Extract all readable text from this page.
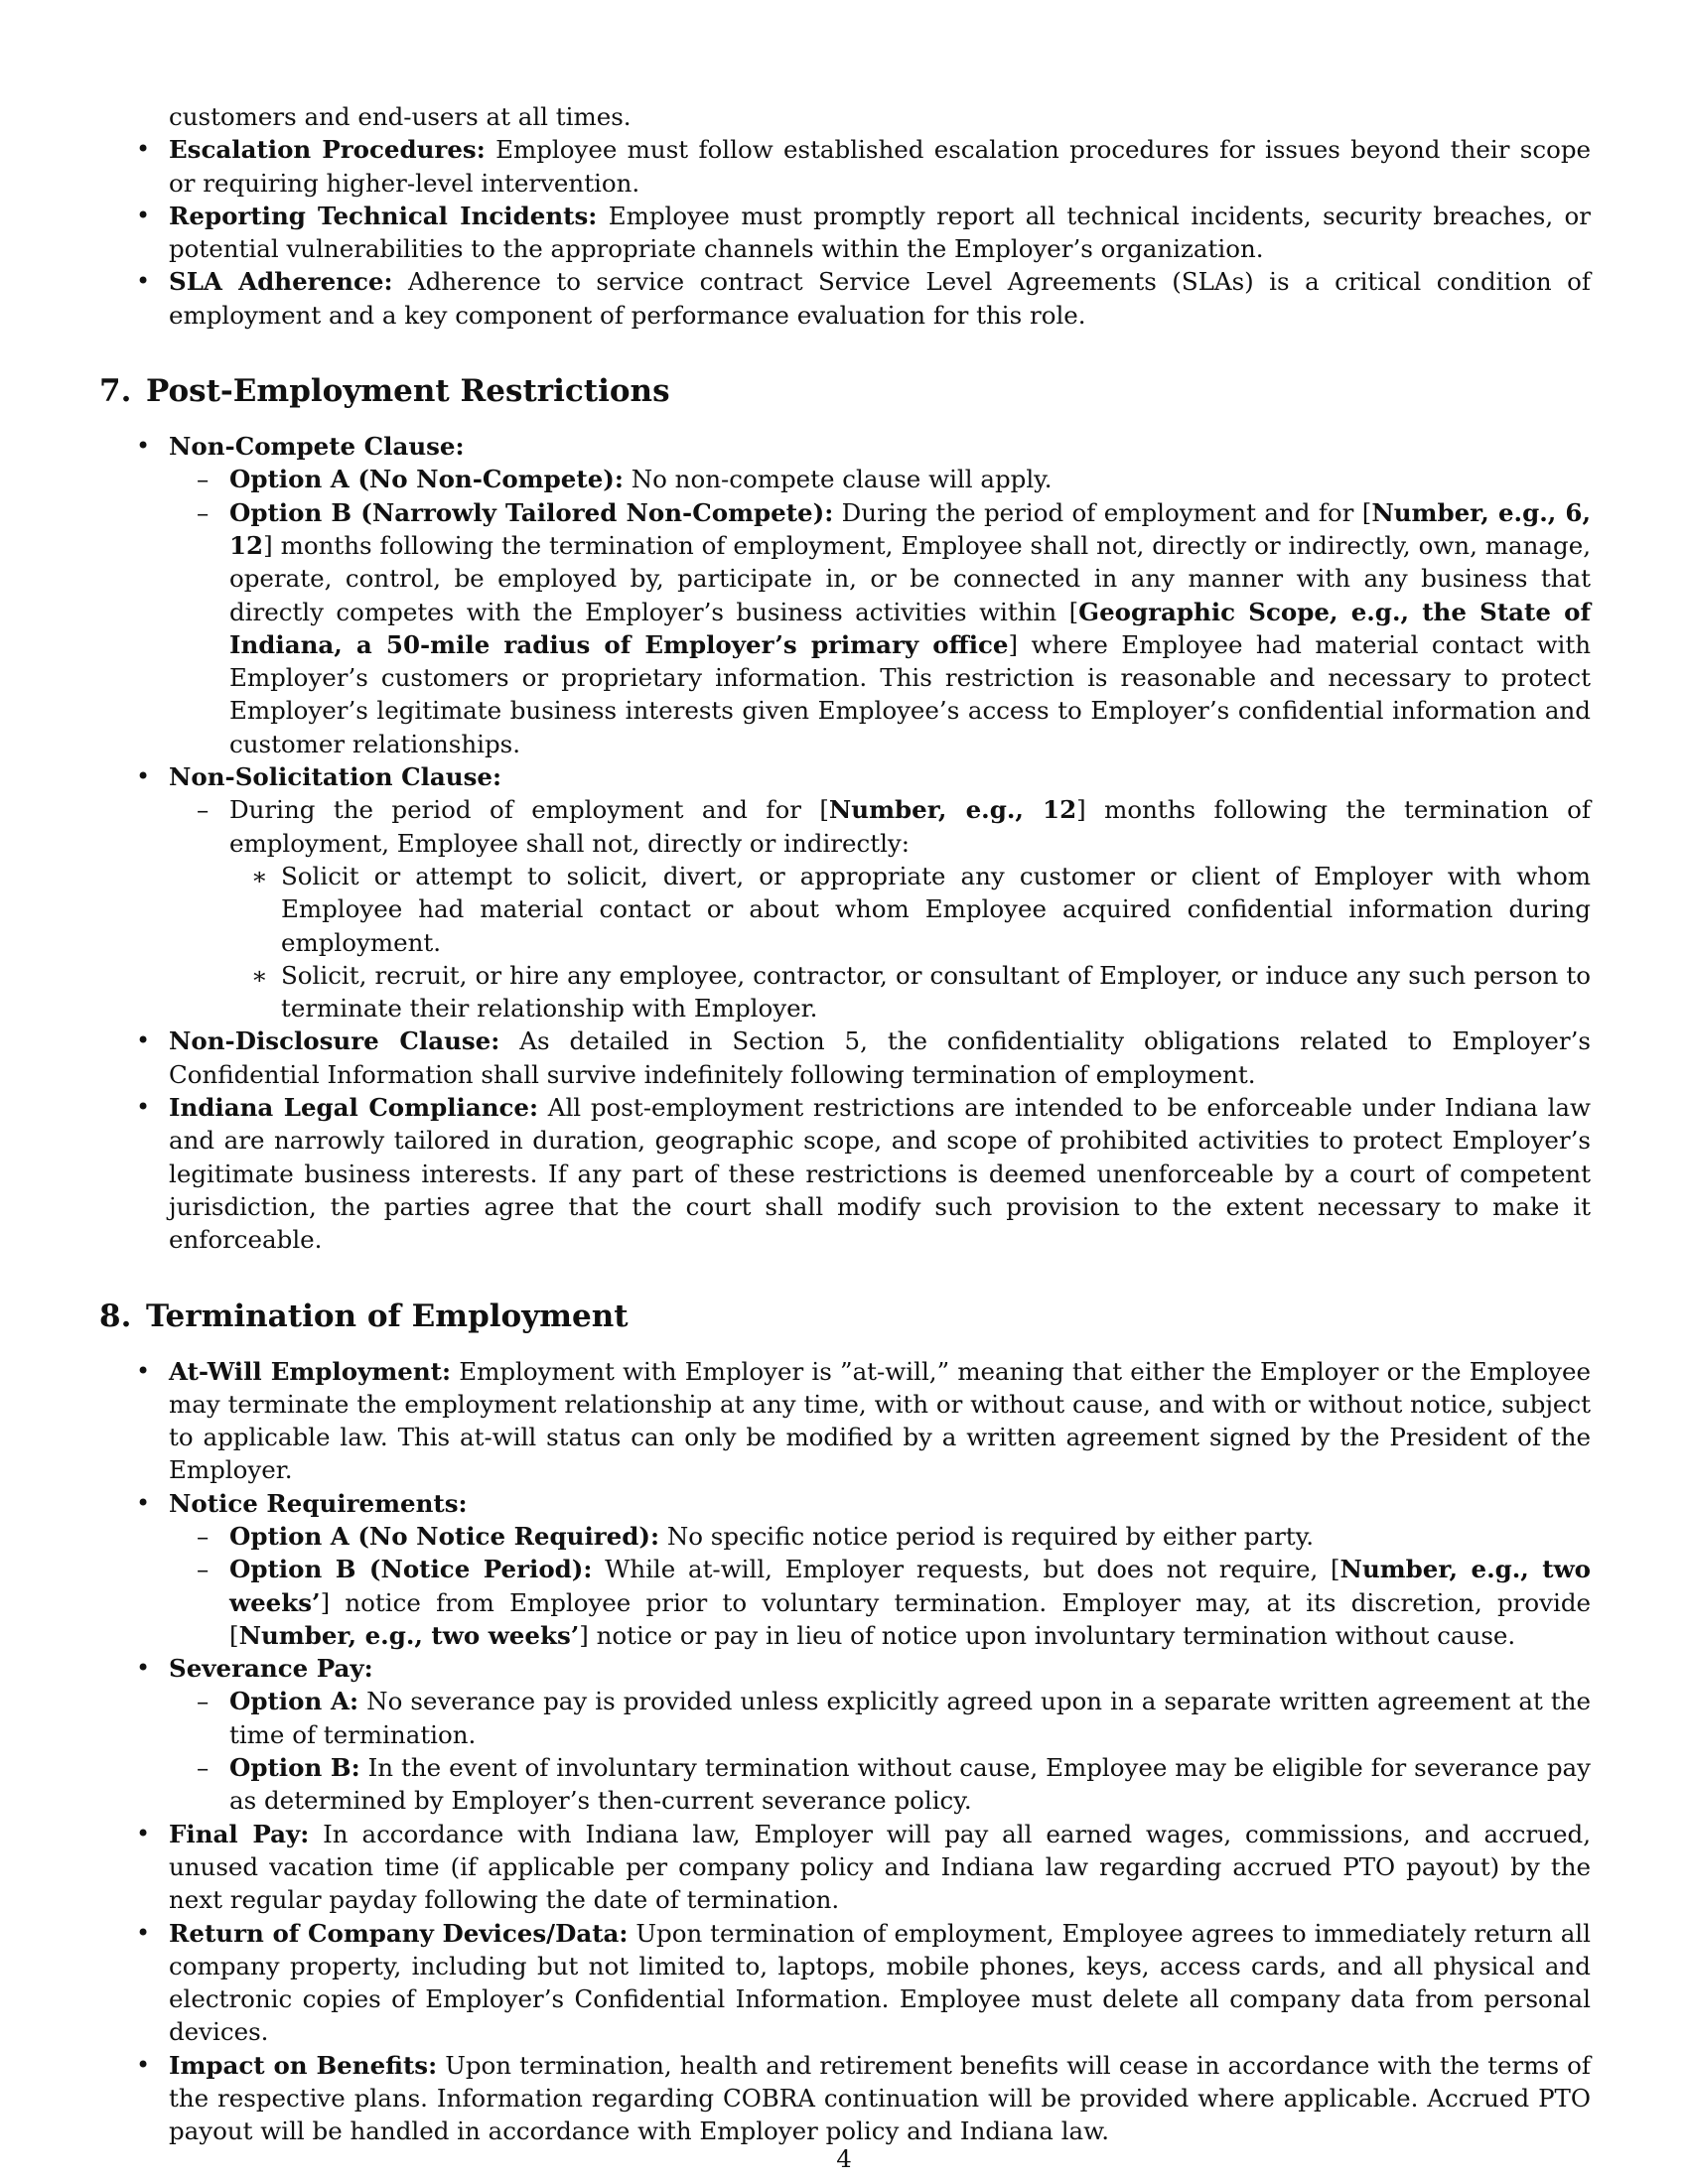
customers and end-users at all times.
• Escalation Procedures: Employee must follow established escalation procedures for issues beyond their scope or requiring higher-level intervention.
• Reporting Technical Incidents: Employee must promptly report all technical incidents, security breaches, or potential vulnerabilities to the appropriate channels within the Employer’s organization.
• SLA Adherence: Adherence to service contract Service Level Agreements (SLAs) is a critical condition of employment and a key component of performance evaluation for this role.
7. Post-Employment Restrictions
• Non-Compete Clause:
– Option A (No Non-Compete): No non-compete clause will apply.
– Option B (Narrowly Tailored Non-Compete): During the period of employment and for [Number, e.g., 6, 12] months following the termination of employment, Employee shall not, directly or indirectly, own, manage, operate, control, be employed by, participate in, or be connected in any manner with any business that directly competes with the Employer’s business activities within [Geographic Scope, e.g., the State of Indiana, a 50-mile radius of Employer’s primary office] where Employee had material contact with Employer’s customers or proprietary information. This restriction is reasonable and necessary to protect Employer’s legitimate business interests given Employee’s access to Employer’s confidential information and customer relationships.
• Non-Solicitation Clause:
– During the period of employment and for [Number, e.g., 12] months following the termination of employment, Employee shall not, directly or indirectly:
∗ Solicit or attempt to solicit, divert, or appropriate any customer or client of Employer with whom Employee had material contact or about whom Employee acquired confidential information during employment.
∗ Solicit, recruit, or hire any employee, contractor, or consultant of Employer, or induce any such person to terminate their relationship with Employer.
• Non-Disclosure Clause: As detailed in Section 5, the confidentiality obligations related to Employer’s Confidential Information shall survive indefinitely following termination of employment.
• Indiana Legal Compliance: All post-employment restrictions are intended to be enforceable under Indiana law and are narrowly tailored in duration, geographic scope, and scope of prohibited activities to protect Employer’s legitimate business interests. If any part of these restrictions is deemed unenforceable by a court of competent jurisdiction, the parties agree that the court shall modify such provision to the extent necessary to make it enforceable.
8. Termination of Employment
• At-Will Employment: Employment with Employer is ”at-will,” meaning that either the Employer or the Employee may terminate the employment relationship at any time, with or without cause, and with or without notice, subject to applicable law. This at-will status can only be modified by a written agreement signed by the President of the Employer.
• Notice Requirements:
– Option A (No Notice Required): No specific notice period is required by either party.
– Option B (Notice Period): While at-will, Employer requests, but does not require, [Number, e.g., two weeks’] notice from Employee prior to voluntary termination. Employer may, at its discretion, provide [Number, e.g., two weeks’] notice or pay in lieu of notice upon involuntary termination without cause.
• Severance Pay:
– Option A: No severance pay is provided unless explicitly agreed upon in a separate written agreement at the time of termination.
– Option B: In the event of involuntary termination without cause, Employee may be eligible for severance pay as determined by Employer’s then-current severance policy.
• Final Pay: In accordance with Indiana law, Employer will pay all earned wages, commissions, and accrued, unused vacation time (if applicable per company policy and Indiana law regarding accrued PTO payout) by the next regular payday following the date of termination.
• Return of Company Devices/Data: Upon termination of employment, Employee agrees to immediately return all company property, including but not limited to, laptops, mobile phones, keys, access cards, and all physical and electronic copies of Employer’s Confidential Information. Employee must delete all company data from personal devices.
• Impact on Benefits: Upon termination, health and retirement benefits will cease in accordance with the terms of the respective plans. Information regarding COBRA continuation will be provided where applicable. Accrued PTO payout will be handled in accordance with Employer policy and Indiana law.
4
